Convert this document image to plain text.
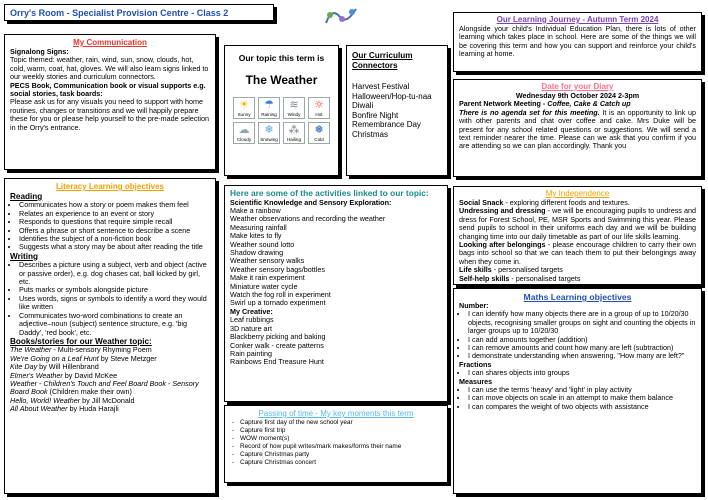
Orry's Room - Specialist Provision Centre - Class 2
My Communication
Signalong Signs:
Topic themed: weather, rain, wind, sun, snow, clouds, hot, cold, warm, coat, hat, gloves. We will also learn signs linked to our weekly stories and curriculum connectors.
PECS Book, Communication book or visual supports e.g. social stories, task boards:
Please ask us for any visuals you need to support with home routines, changes or transitions and we will happily prepare these for you or please help yourself to the pre-made selection in the Orry's entrance.
Our topic this term is
The Weather
☀
Sunny
☂
Raining
≋
Windy
☼
Hot
☁
Cloudy
❄
Snowing
⁂
Hailing
❅
Cold
Our Curriculum Connectors
Harvest Festival
Halloween/Hop-tu-naa
Diwali
Bonfire Night
Remembrance Day
Christmas
Our Learning Journey - Autumn Term 2024
Alongside your child's Individual Education Plan, there is lots of other learning which takes place in school. Here are some of the things we will be covering this term and how you can support and reinforce your child's learning at home.
Date for your Diary
Wednesday 9th October 2024 2-3pm
Parent Network Meeting - Coffee, Cake & Catch up
There is no agenda set for this meeting. It is an opportunity to link up with other parents and chat over coffee and cake. Mrs Duke will be present for any school related questions or suggestions. We will send a text reminder nearer the time. Please can we ask that you confirm if you are attending so we can plan accordingly. Thank you
Literacy Learning objectives
Reading
• Communicates how a story or poem makes them feel
• Relates an experience to an event or story
• Responds to questions that require simple recall
• Offers a phrase or short sentence to describe a scene
• Identifies the subject of a non-fiction book
• Suggests what a story may be about after reading the title
Writing
• Describes a picture using a subject, verb and object (active or passive order), e.g. dog chases cat, ball kicked by girl, etc.
• Puts marks or symbols alongside picture
• Uses words, signs or symbols to identify a word they would like written
• Communicates two-word combinations to create an adjective–noun (subject) sentence structure, e.g. 'big Daddy', 'red book', etc.
Books/stories for our Weather topic:
The Weather - Multi-sensory Rhyming Poem
We're Going on a Leaf Hunt by Steve Metzger
Kite Day by Will Hillenbrand
Elmer's Weather by David McKee
Weather - Children's Touch and Feel Board Book - Sensory Board Book (Children make their own)
Hello, World! Weather by Jill McDonald
All About Weather by Huda Harajli
Here are some of the activities linked to our topic:
Scientific Knowledge and Sensory Exploration:
Make a rainbow
Weather observations and recording the weather
Measuring rainfall
Make kites to fly
Weather sound lotto
Shadow drawing
Weather sensory walks
Weather sensory bags/bottles
Make it rain experiment
Miniature water cycle
Watch the fog roll in experiment
Swirl up a tornado experiment
My Creative:
Leaf rubbings
3D nature art
Blackberry picking and baking
Conker walk - create patterns
Rain painting
Rainbows End Treasure Hunt
Passing of time - My key moments this term
- Capture first day of the new school year
- Capture first trip
- WOW moment(s)
- Record of how pupil writes/mark makes/forms their name
- Capture Christmas party
- Capture Christmas concert
My Independence
Social Snack - exploring different foods and textures.
Undressing and dressing - we will be encouraging pupils to undress and dress for Forest School, PE, MSR Sports and Swimming this year. Please send pupils to school in their uniforms each day and we will be building changing time into our daily timetable as part of our life skills learning.
Looking after belongings - please encourage children to carry their own bags into school so that we can teach them to put their belongings away when they come in.
Life skills - personalised targets
Self-help skills - personalised targets
Maths Learning objectives
Number:
• I can identify how many objects there are in a group of up to 10/20/30 objects, recognising smaller groups on sight and counting the objects in larger groups up to 10/20/30
• I can add amounts together (addition)
• I can remove amounts and count how many are left (subtraction)
• I demonstrate understanding when answering, "How many are left?"
Fractions
• I can shares objects into groups
Measures
• I can use the terms 'heavy' and 'light' in play activity
• I can move objects on scale in an attempt to make them balance
• I can compares the weight of two objects with assistance
